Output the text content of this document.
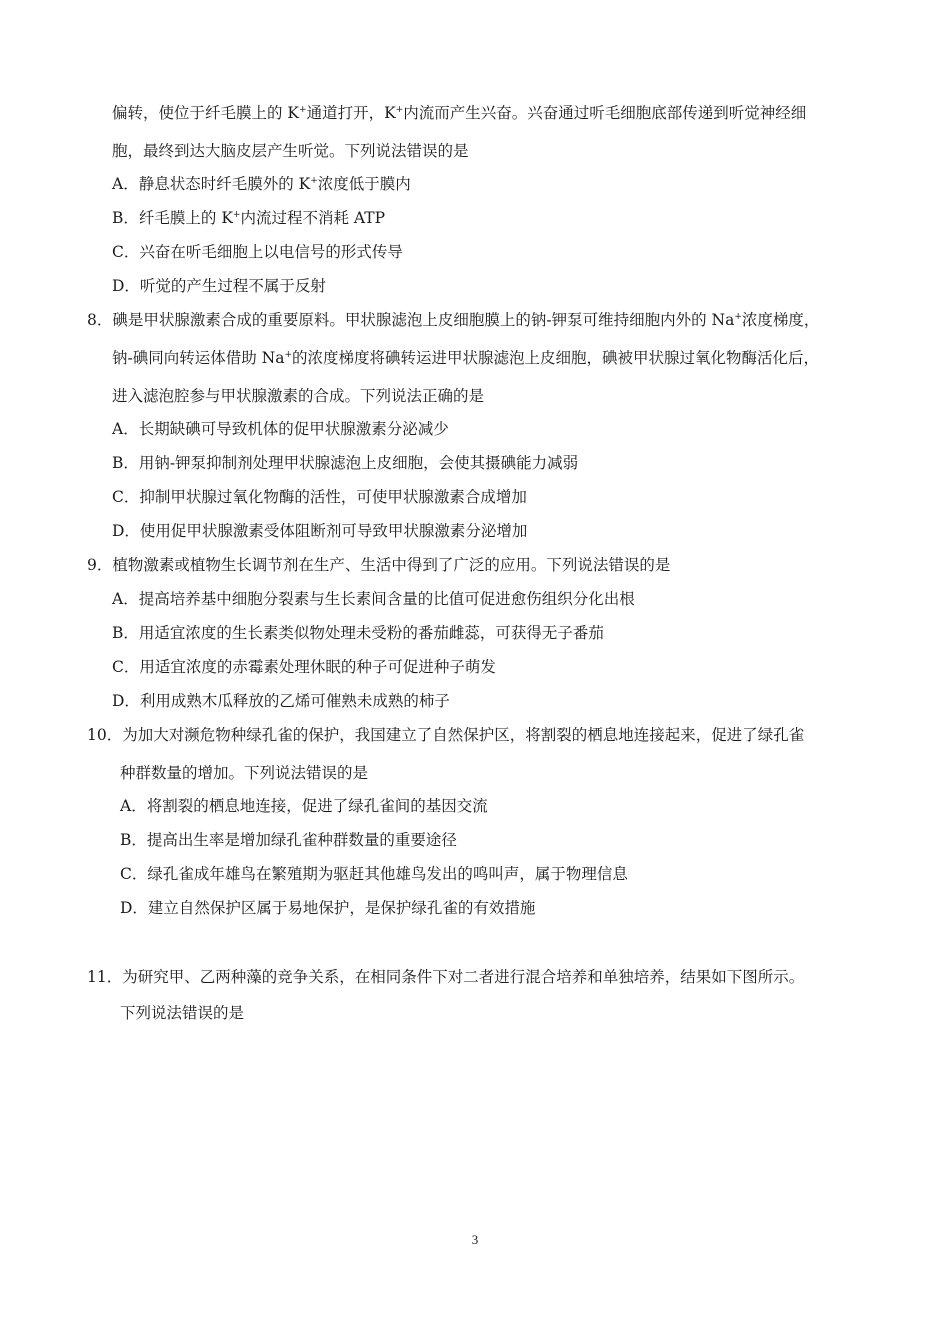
偏转，使位于纤毛膜上的 K+通道打开，K+内流而产生兴奋。兴奋通过听毛细胞底部传递到听觉神经细
胞，最终到达大脑皮层产生听觉。下列说法错误的是
A．静息状态时纤毛膜外的 K+浓度低于膜内
B．纤毛膜上的 K+内流过程不消耗 ATP
C．兴奋在听毛细胞上以电信号的形式传导
D．听觉的产生过程不属于反射
8．碘是甲状腺激素合成的重要原料。甲状腺滤泡上皮细胞膜上的钠-钾泵可维持细胞内外的 Na+浓度梯度，
钠-碘同向转运体借助 Na+的浓度梯度将碘转运进甲状腺滤泡上皮细胞，碘被甲状腺过氧化物酶活化后，
进入滤泡腔参与甲状腺激素的合成。下列说法正确的是
A．长期缺碘可导致机体的促甲状腺激素分泌减少
B．用钠-钾泵抑制剂处理甲状腺滤泡上皮细胞，会使其摄碘能力减弱
C．抑制甲状腺过氧化物酶的活性，可使甲状腺激素合成增加
D．使用促甲状腺激素受体阻断剂可导致甲状腺激素分泌增加
9．植物激素或植物生长调节剂在生产、生活中得到了广泛的应用。下列说法错误的是
A．提高培养基中细胞分裂素与生长素间含量的比值可促进愈伤组织分化出根
B．用适宜浓度的生长素类似物处理未受粉的番茄雌蕊，可获得无子番茄
C．用适宜浓度的赤霉素处理休眠的种子可促进种子萌发
D．利用成熟木瓜释放的乙烯可催熟未成熟的柿子
10．为加大对濒危物种绿孔雀的保护，我国建立了自然保护区，将割裂的栖息地连接起来，促进了绿孔雀
种群数量的增加。下列说法错误的是
A．将割裂的栖息地连接，促进了绿孔雀间的基因交流
B．提高出生率是增加绿孔雀种群数量的重要途径
C．绿孔雀成年雄鸟在繁殖期为驱赶其他雄鸟发出的鸣叫声，属于物理信息
D．建立自然保护区属于易地保护，是保护绿孔雀的有效措施
11．为研究甲、乙两种藻的竞争关系，在相同条件下对二者进行混合培养和单独培养，结果如下图所示。
下列说法错误的是
3
